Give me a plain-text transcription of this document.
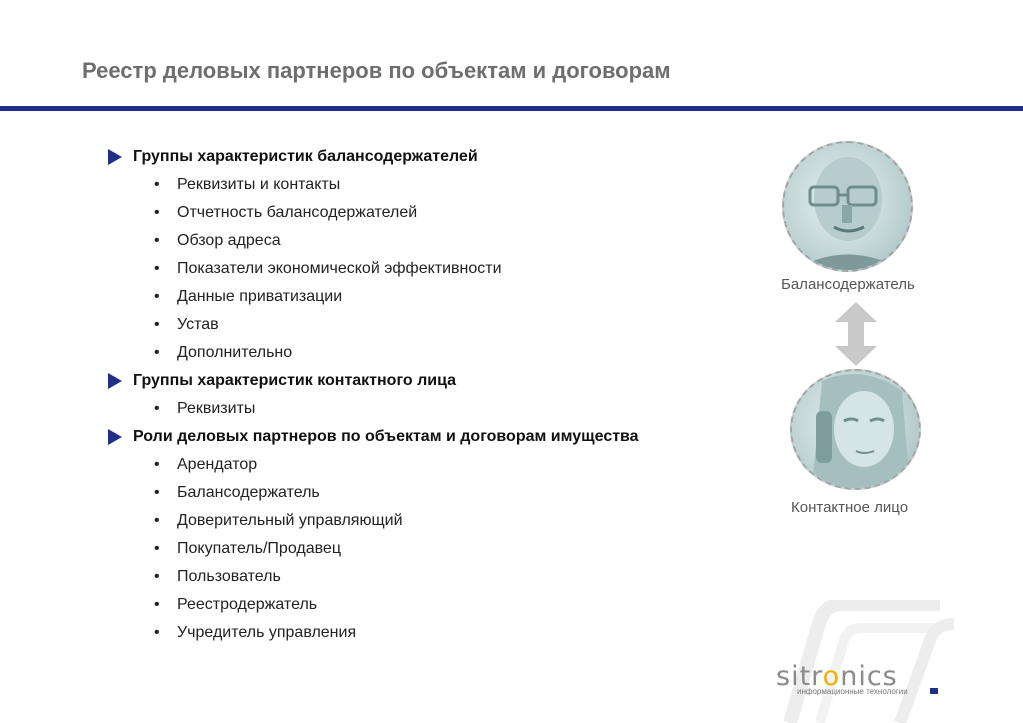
Реестр деловых партнеров по объектам и договорам
Группы характеристик балансодержателей
•	Реквизиты и контакты
•	Отчетность балансодержателей
•	Обзор адреса
•	Показатели экономической эффективности
•	Данные приватизации
•	Устав
•	Дополнительно
Группы характеристик контактного лица
•	Реквизиты
Роли деловых партнеров по объектам и договорам имущества
•	Арендатор
•	Балансодержатель
•	Доверительный управляющий
•	Покупатель/Продавец
•	Пользователь
•	Реестродержатель
•	Учредитель управления
Балансодержатель
Контактное лицо
sitronics
информационные технологии
